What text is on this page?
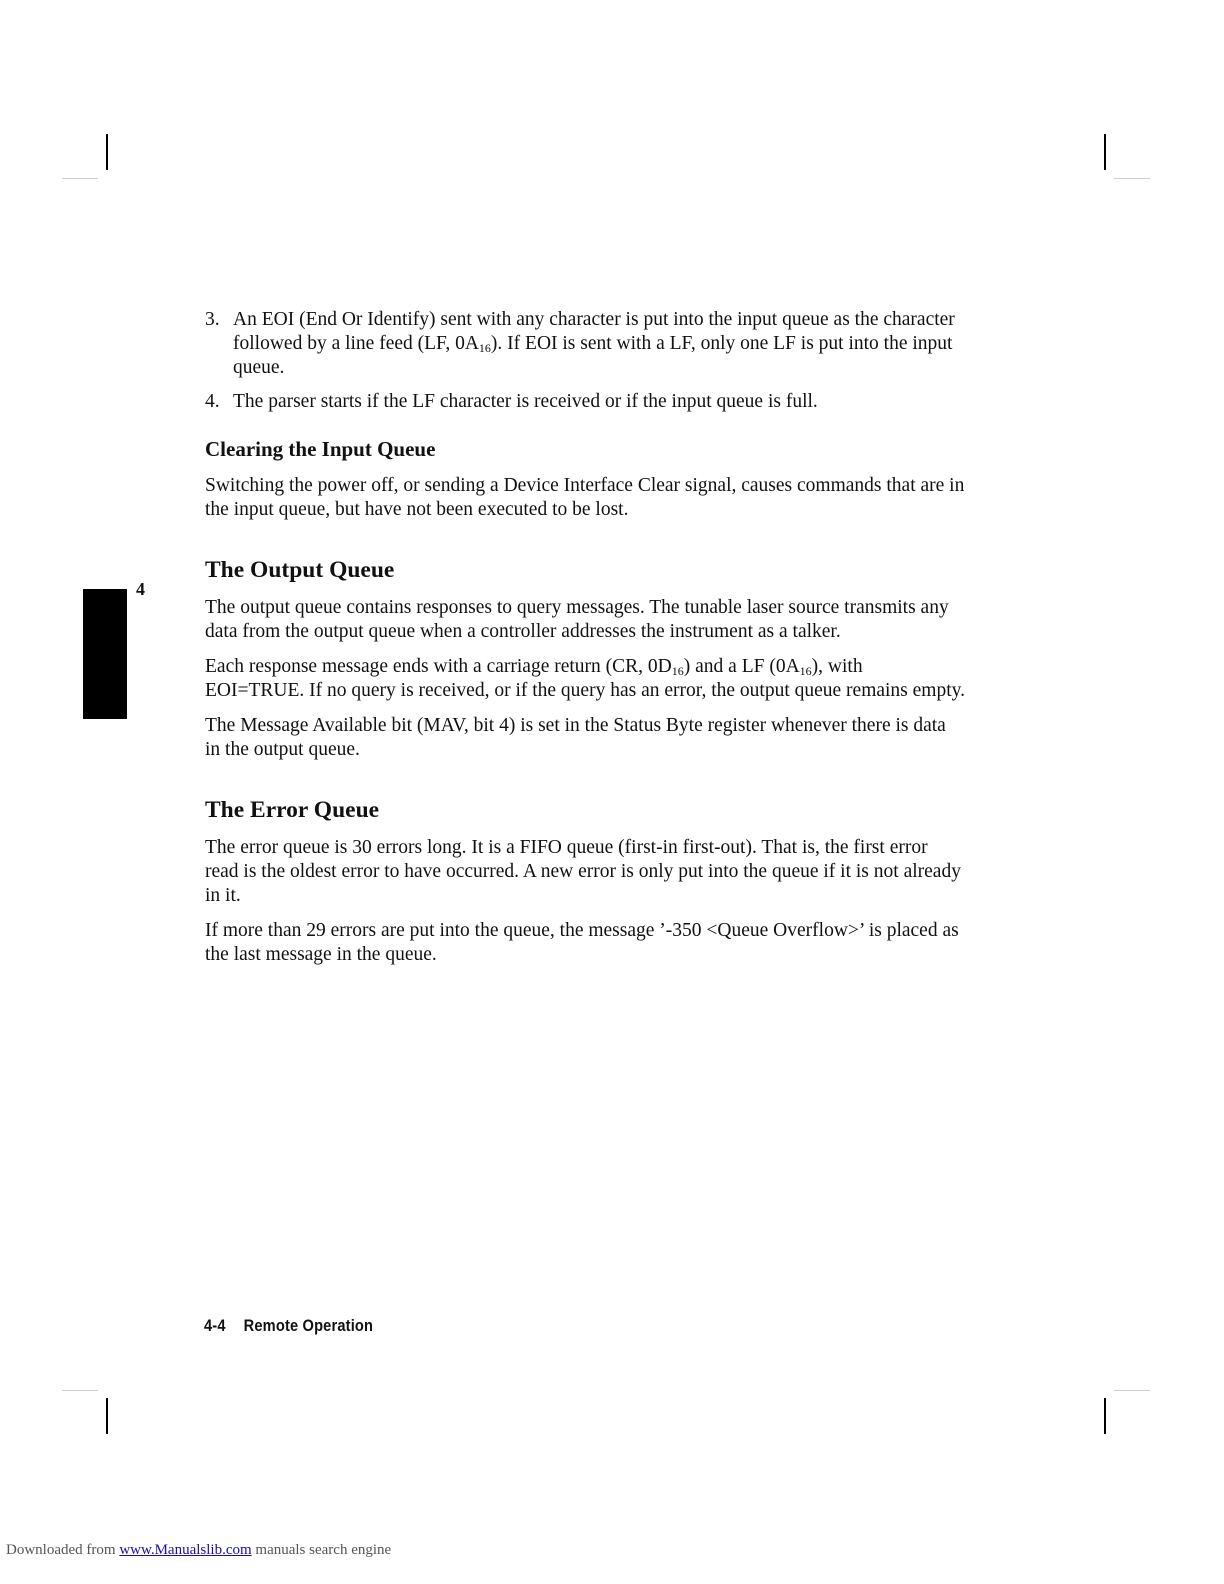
4
3. An EOI (End Or Identify) sent with any character is put into the input queue as the character followed by a line feed (LF, $0A_{16}$). If EOI is sent with a LF, only one LF is put into the input queue.
4. The parser starts if the LF character is received or if the input queue is full.
Clearing the Input Queue

Switching the power off, or sending a Device Interface Clear signal, causes commands that are in the input queue, but have not been executed to be lost.

The Output Queue

The output queue contains responses to query messages. The tunable laser source transmits any data from the output queue when a controller addresses the instrument as a talker.

Each response message ends with a carriage return (CR, $0D_{16}$) and a LF $(0A_{16})$, with EOI=TRUE. If no query is received, or if the query has an error, the output queue remains empty.

The Message Available bit (MAV, bit 4) is set in the Status Byte register whenever there is data in the output queue.

The Error Queue

The error queue is 30 errors long. It is a FIFO queue (first-in first-out). That is, the first error read is the oldest error to have occurred. A new error is only put into the queue if it is not already in it.

If more than 29 errors are put into the queue, the message ’-350 <Queue Overflow>’ is placed as the last message in the queue.

4-4 Remote Operation
Downloaded from www.Manualslib.com manuals search engine
